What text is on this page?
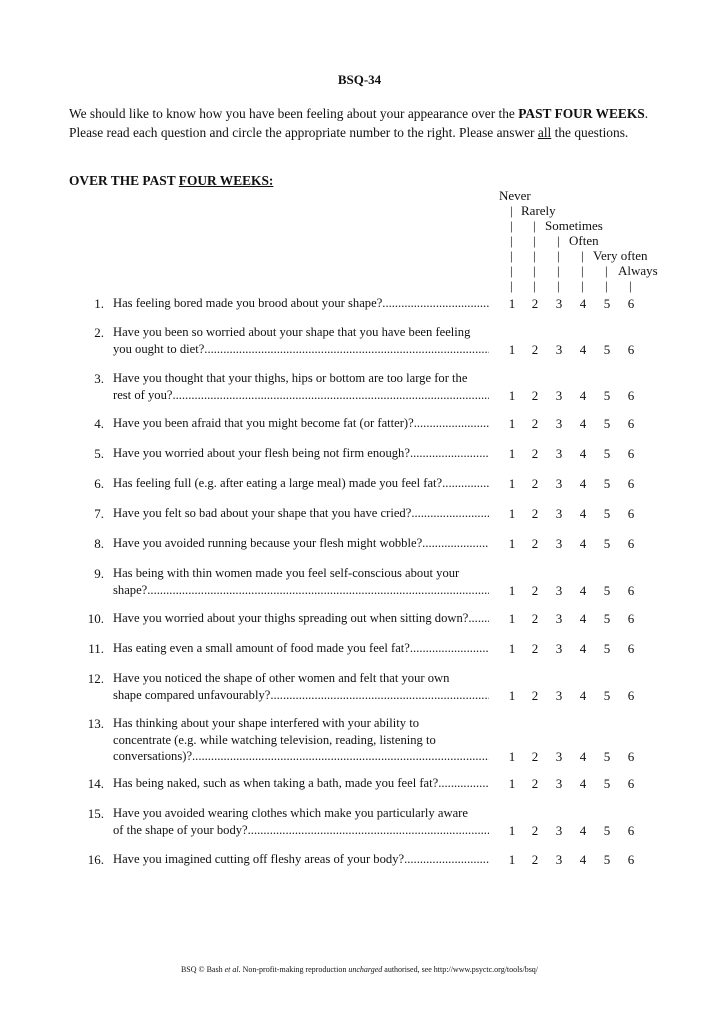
BSQ-34
We should like to know how you have been feeling about your appearance over the PAST FOUR WEEKS. Please read each question and circle the appropriate number to the right. Please answer all the questions.
OVER THE PAST FOUR WEEKS:
BSQ © Bash et al. Non-profit-making reproduction uncharged authorised, see http://www.psyctc.org/tools/bsq/
Never
Rarely
Sometimes
Often
Very often
Always
|
| |
| | |
| | | |
| | | | |
| | | | | |
1. Has feeling bored made you brood about your shape? .....	1 2 3 4 5 6
2. Have you been so worried about your shape that you have been feeling
you ought to diet? .....	1 2 3 4 5 6
3. Have you thought that your thighs, hips or bottom are too large for the
rest of you? .....	1 2 3 4 5 6
4. Have you been afraid that you might become fat (or fatter)? .....	1 2 3 4 5 6
5. Have you worried about your flesh being not firm enough? .....	1 2 3 4 5 6
6. Has feeling full (e.g. after eating a large meal) made you feel fat? .....	1 2 3 4 5 6
7. Have you felt so bad about your shape that you have cried? .....	1 2 3 4 5 6
8. Have you avoided running because your flesh might wobble? .....	1 2 3 4 5 6
9. Has being with thin women made you feel self-conscious about your
shape? .....	1 2 3 4 5 6
10. Have you worried about your thighs spreading out when sitting down? .....	1 2 3 4 5 6
11. Has eating even a small amount of food made you feel fat? .....	1 2 3 4 5 6
12. Have you noticed the shape of other women and felt that your own
shape compared unfavourably? .....	1 2 3 4 5 6
13. Has thinking about your shape interfered with your ability to
concentrate (e.g. while watching television, reading, listening to
conversations)? .....	1 2 3 4 5 6
14. Has being naked, such as when taking a bath, made you feel fat? .....	1 2 3 4 5 6
15. Have you avoided wearing clothes which make you particularly aware
of the shape of your body? .....	1 2 3 4 5 6
16. Have you imagined cutting off fleshy areas of your body? .....	1 2 3 4 5 6
